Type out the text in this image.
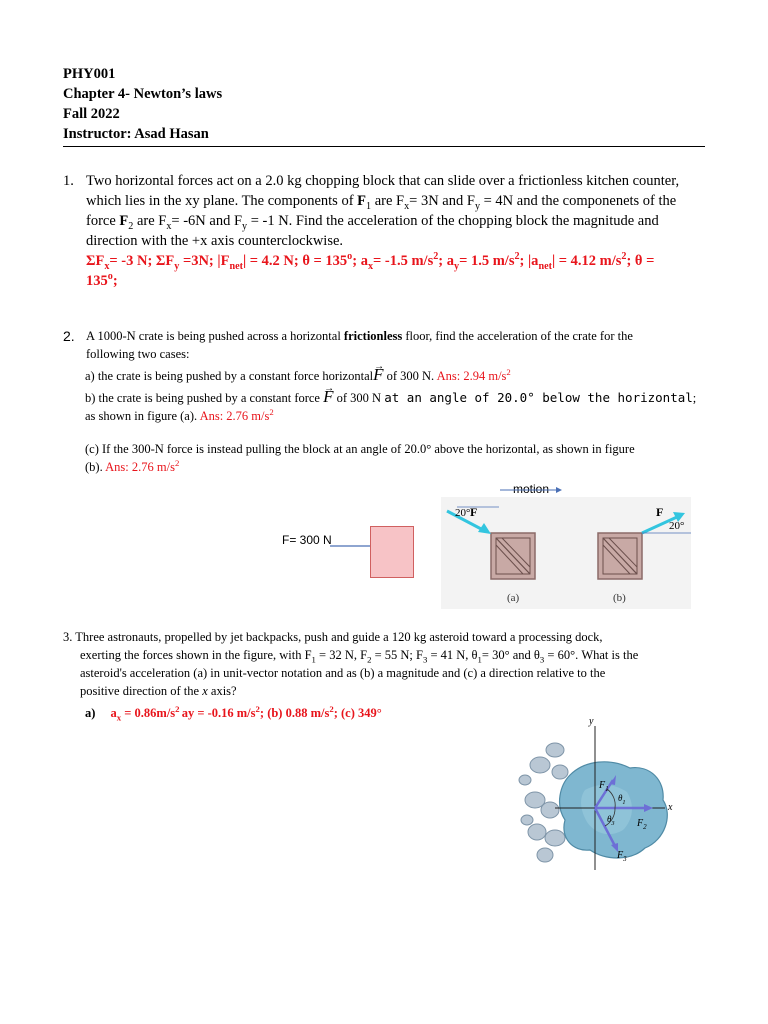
PHY001
Chapter 4- Newton’s laws
Fall 2022
Instructor: Asad Hasan
1. Two horizontal forces act on a 2.0 kg chopping block that can slide over a frictionless kitchen counter,
which lies in the xy plane. The components of $F_1$ are $F_x= 3N$ and $F_y = 4N$ and the componenets of the
force $F_2$ are $F_x= -6N$ and $F_y = -1$ N. Find the acceleration of the chopping block the magnitude and
direction with the +x axis counterclockwise.
$\Sigma F_x= -3$ N; $\Sigma F_y =3N$; $|F_{net}| = 4.2$ N; $\theta = 135^o$; $a_x= -1.5$ $m/s^2$; $a_y= 1.5$ $m/s^2$; $|a_{net}| = 4.12$ $m/s^2$; θ =
$135^o$;
2. A 1000-N crate is being pushed across a horizontal frictionless floor, find the acceleration of the crate for the
following two cases:
a) the crate is being pushed by a constant force horizontal→ F of 300 N. Ans: 2.94 $m/s^2$
b) the crate is being pushed by a constant force → F of 300 N at an angle of 20.0° below the horizontal;
as shown in figure (a). Ans: 2.76 $m/s^2$
(c) If the 300-N force is instead pulling the block at an angle of 20.0° above the horizontal, as shown in figure
(b). Ans: 2.76 $m/s^2$
F= 300 N
motion
20° F	F
20°
(a)	(b)
3. Three astronauts, propelled by jet backpacks, push and guide a 120 kg asteroid toward a processing dock,
exerting the forces shown in the figure, with $F_1 = 32$ N, $F_2 = 55$ N; $F_3 = 41$ N, $\theta_1= 30^\circ$ and $\theta_3 = 60^\circ$. What is the
asteroid's acceleration (a) in unit-vector notation and as (b) a magnitude and (c) a direction relative to the
positive direction of the x axis?
a) $a_x = 0.86m/s^2$ ay = -0.16 $m/s^2$; (b) 0.88 $m/s^2$; (c) 349°
y
x
$F_1$
$F_2$
$F_3$
$\theta_1$
$\theta_3$
